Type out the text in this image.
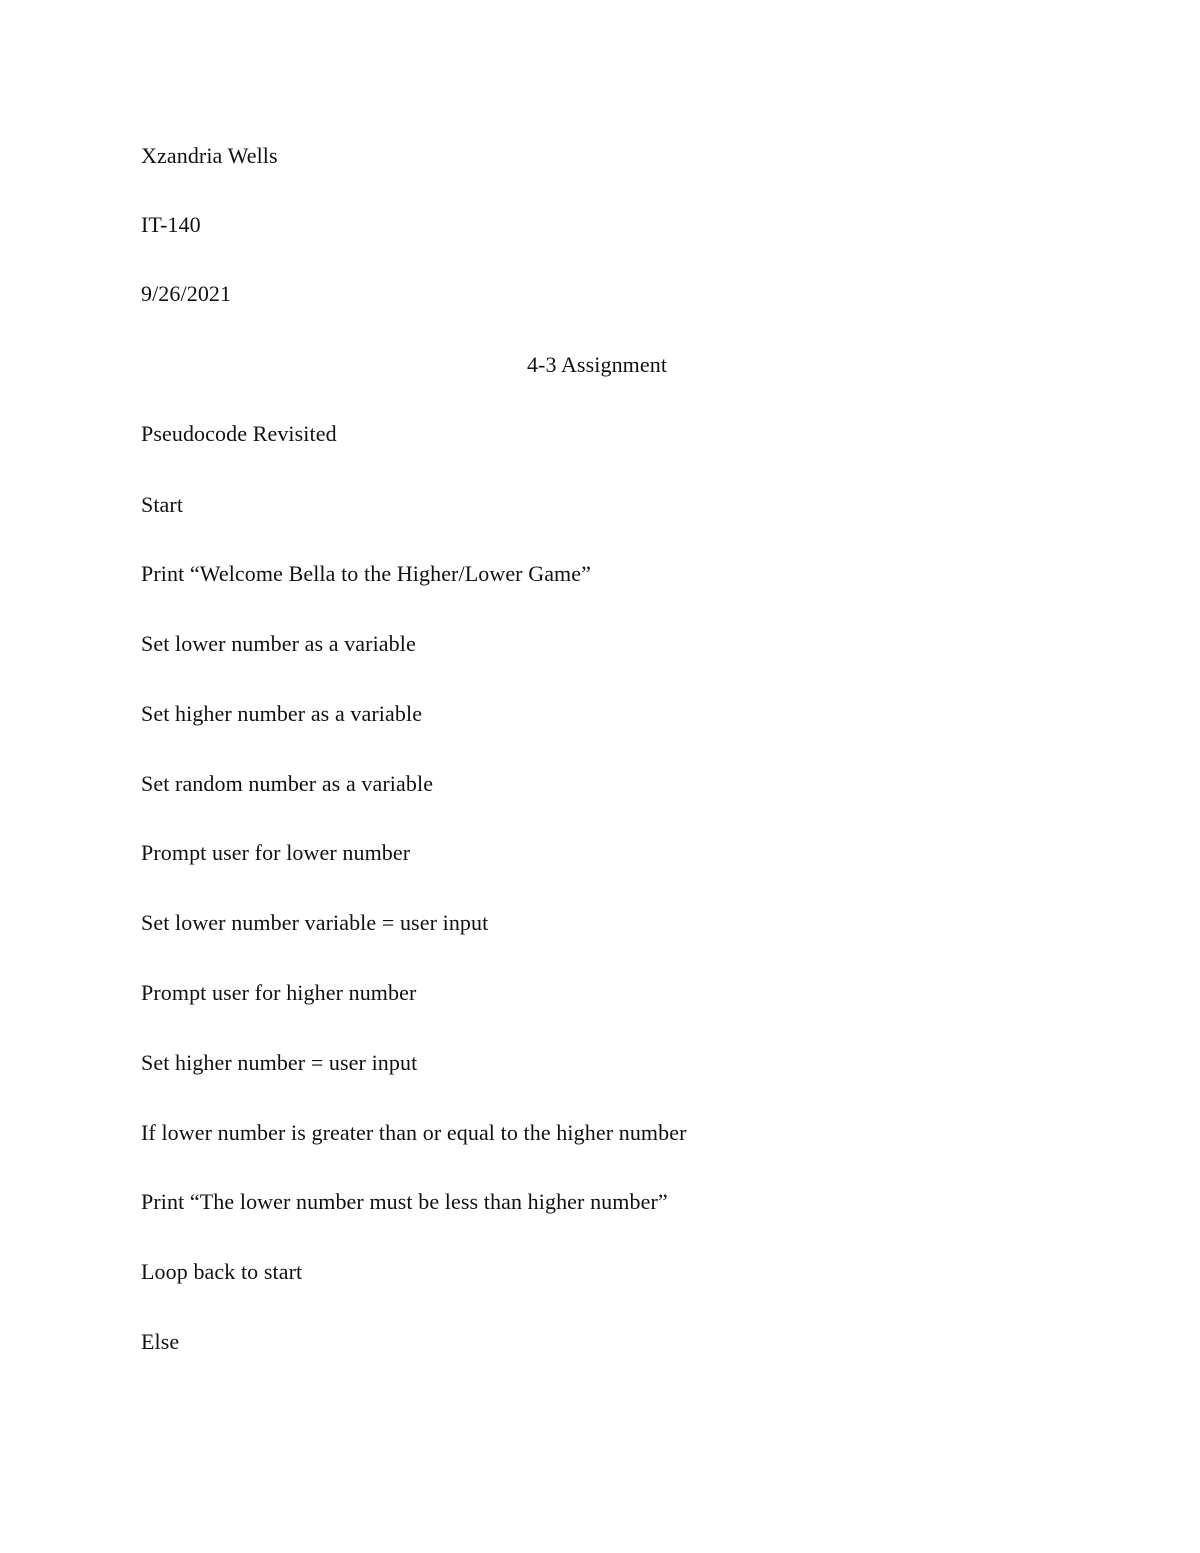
Xzandria Wells
IT-140
9/26/2021
4-3 Assignment
Pseudocode Revisited
Start
Print “Welcome Bella to the Higher/Lower Game”
Set lower number as a variable
Set higher number as a variable
Set random number as a variable
Prompt user for lower number
Set lower number variable = user input
Prompt user for higher number
Set higher number = user input
If lower number is greater than or equal to the higher number
Print “The lower number must be less than higher number”
Loop back to start
Else
